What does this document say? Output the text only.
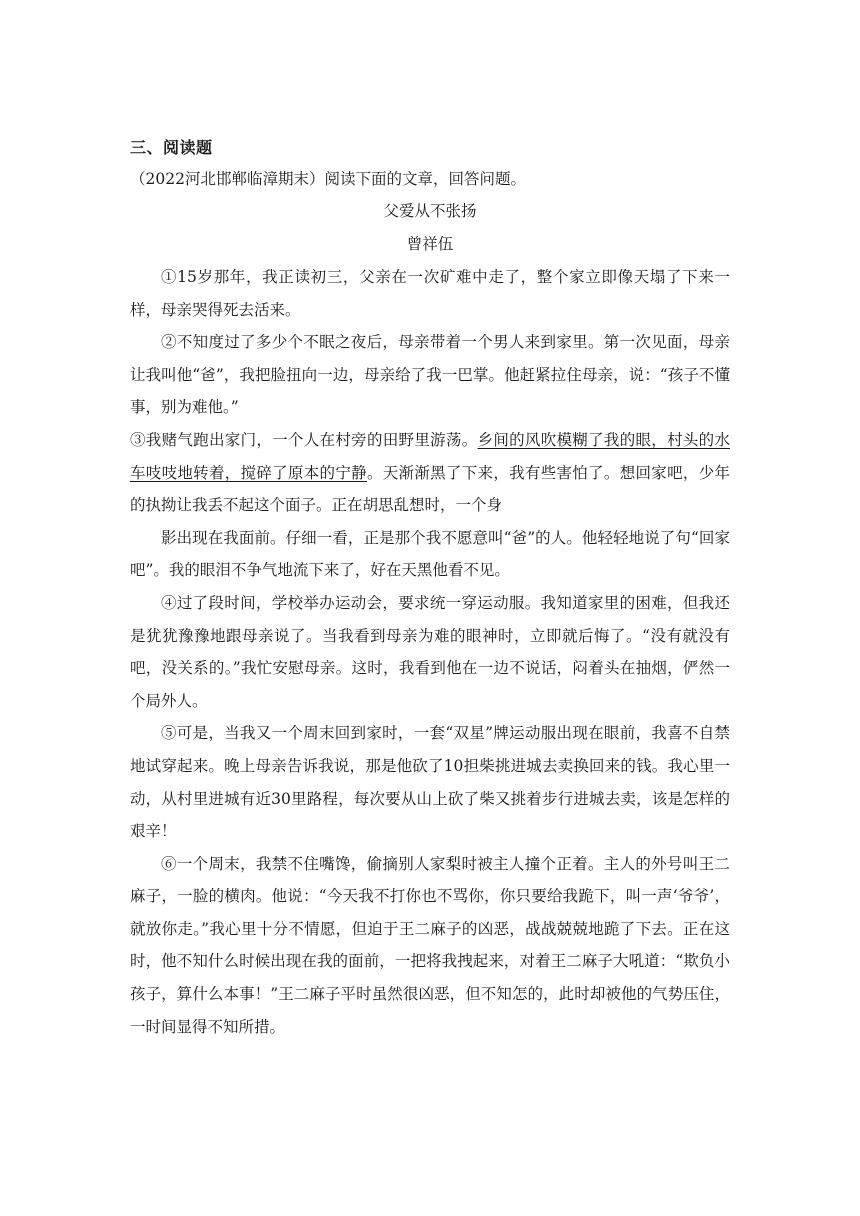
三、阅读题
（2022河北邯郸临漳期末）阅读下面的文章，回答问题。
父爱从不张扬
曾祥伍

①15岁那年，我正读初三，父亲在一次矿难中走了，整个家立即像天塌了下来一样，母亲哭得死去活来。

②不知度过了多少个不眠之夜后，母亲带着一个男人来到家里。第一次见面，母亲让我叫他“爸”，我把脸扭向一边，母亲给了我一巴掌。他赶紧拉住母亲，说：“孩子不懂事，别为难他。”

③我赌气跑出家门，一个人在村旁的田野里游荡。乡间的风吹模糊了我的眼，村头的水车吱吱地转着，搅碎了原本的宁静。天渐渐黑了下来，我有些害怕了。想回家吧，少年的执拗让我丢不起这个面子。正在胡思乱想时，一个身

影出现在我面前。仔细一看，正是那个我不愿意叫“爸”的人。他轻轻地说了句“回家吧”。我的眼泪不争气地流下来了，好在天黑他看不见。

④过了段时间，学校举办运动会，要求统一穿运动服。我知道家里的困难，但我还是犹犹豫豫地跟母亲说了。当我看到母亲为难的眼神时，立即就后悔了。“没有就没有吧，没关系的。”我忙安慰母亲。这时，我看到他在一边不说话，闷着头在抽烟，俨然一个局外人。

⑤可是，当我又一个周末回到家时，一套“双星”牌运动服出现在眼前，我喜不自禁地试穿起来。晚上母亲告诉我说，那是他砍了10担柴挑进城去卖换回来的钱。我心里一动，从村里进城有近30里路程，每次要从山上砍了柴又挑着步行进城去卖，该是怎样的艰辛！

⑥一个周末，我禁不住嘴馋，偷摘别人家梨时被主人撞个正着。主人的外号叫王二麻子，一脸的横肉。他说：“今天我不打你也不骂你，你只要给我跪下，叫一声‘爷爷’，就放你走。”我心里十分不情愿，但迫于王二麻子的凶恶，战战兢兢地跪了下去。正在这时，他不知什么时候出现在我的面前，一把将我拽起来，对着王二麻子大吼道：“欺负小孩子，算什么本事！”王二麻子平时虽然很凶恶，但不知怎的，此时却被他的气势压住，一时间显得不知所措。
